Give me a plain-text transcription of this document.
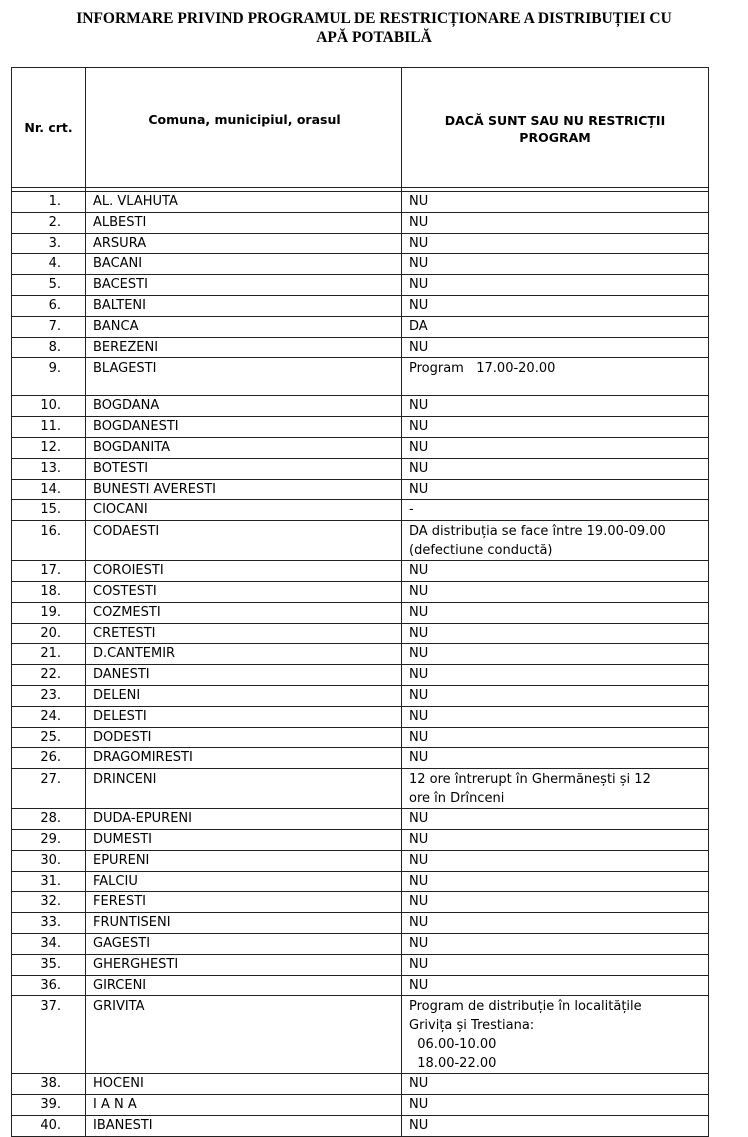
INFORMARE PRIVIND PROGRAMUL DE RESTRICȚIONARE A DISTRIBUȚIEI CU
APĂ POTABILĂ
Nr. crt.	Comuna, municipiul, orasul	DACĂ SUNT SAU NU RESTRICȚII
PROGRAM

1.	AL. VLAHUTA	NU

2.	ALBESTI	NU

3.	ARSURA	NU

4.	BACANI	NU

5.	BACESTI	NU

6.	BALTENI	NU

7.	BANCA	DA

8.	BEREZENI	NU

9.	BLAGESTI	Program   17.00-20.00

10.	BOGDANA	NU

11.	BOGDANESTI	NU

12.	BOGDANITA	NU

13.	BOTESTI	NU

14.	BUNESTI AVERESTI	NU

15.	CIOCANI	-

16.	CODAESTI	DA distribuția se face între 19.00-09.00
(defectiune conductă)

17.	COROIESTI	NU

18.	COSTESTI	NU

19.	COZMESTI	NU

20.	CRETESTI	NU

21.	D.CANTEMIR	NU

22.	DANESTI	NU

23.	DELENI	NU

24.	DELESTI	NU

25.	DODESTI	NU

26.	DRAGOMIRESTI	NU

27.	DRINCENI	12 ore întrerupt în Ghermănești și 12
ore în Drînceni

28.	DUDA-EPURENI	NU

29.	DUMESTI	NU

30.	EPURENI	NU

31.	FALCIU	NU

32.	FERESTI	NU

33.	FRUNTISENI	NU

34.	GAGESTI	NU

35.	GHERGHESTI	NU

36.	GIRCENI	NU

37.	GRIVITA	Program de distribuție în localitățile
Grivița și Trestiana:
06.00-10.00
18.00-22.00

38.	HOCENI	NU

39.	I A N A	NU

40.	IBANESTI	NU
